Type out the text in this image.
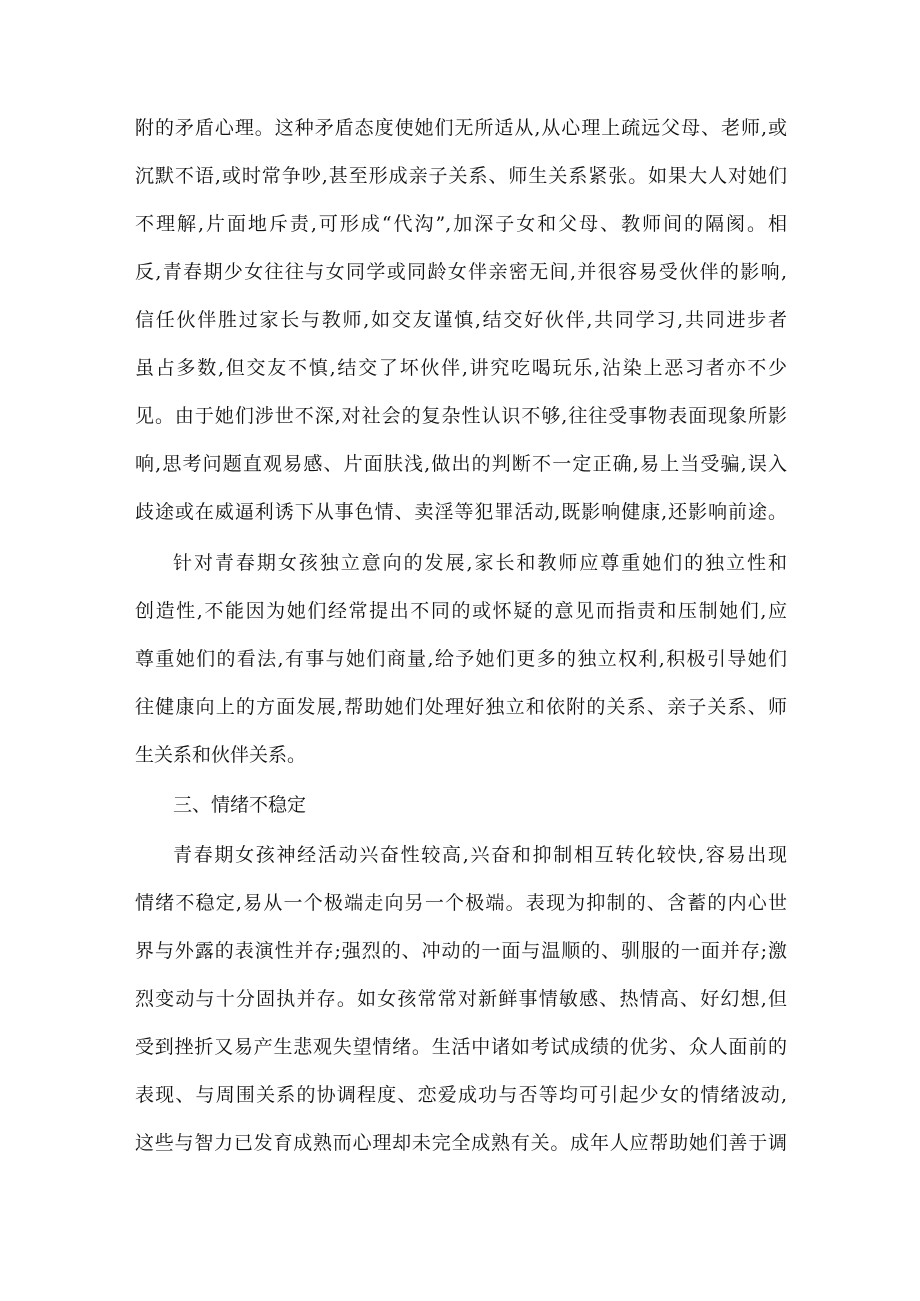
附的矛盾心理。这种矛盾态度使她们无所适从,从心理上疏远父母、老师,或
沉默不语,或时常争吵,甚至形成亲子关系、师生关系紧张。如果大人对她们
不理解,片面地斥责,可形成“代沟”,加深子女和父母、教师间的隔阂。相
反,青春期少女往往与女同学或同龄女伴亲密无间,并很容易受伙伴的影响,
信任伙伴胜过家长与教师,如交友谨慎,结交好伙伴,共同学习,共同进步者
虽占多数,但交友不慎,结交了坏伙伴,讲究吃喝玩乐,沾染上恶习者亦不少
见。由于她们涉世不深,对社会的复杂性认识不够,往往受事物表面现象所影
响,思考问题直观易感、片面肤浅,做出的判断不一定正确,易上当受骗,误入
歧途或在威逼利诱下从事色情、卖淫等犯罪活动,既影响健康,还影响前途。
针对青春期女孩独立意向的发展,家长和教师应尊重她们的独立性和
创造性,不能因为她们经常提出不同的或怀疑的意见而指责和压制她们,应
尊重她们的看法,有事与她们商量,给予她们更多的独立权利,积极引导她们
往健康向上的方面发展,帮助她们处理好独立和依附的关系、亲子关系、师
生关系和伙伴关系。
三、情绪不稳定
青春期女孩神经活动兴奋性较高,兴奋和抑制相互转化较快,容易出现
情绪不稳定,易从一个极端走向另一个极端。表现为抑制的、含蓄的内心世
界与外露的表演性并存;强烈的、冲动的一面与温顺的、驯服的一面并存;激
烈变动与十分固执并存。如女孩常常对新鲜事情敏感、热情高、好幻想,但
受到挫折又易产生悲观失望情绪。生活中诸如考试成绩的优劣、众人面前的
表现、与周围关系的协调程度、恋爱成功与否等均可引起少女的情绪波动,
这些与智力已发育成熟而心理却未完全成熟有关。成年人应帮助她们善于调
